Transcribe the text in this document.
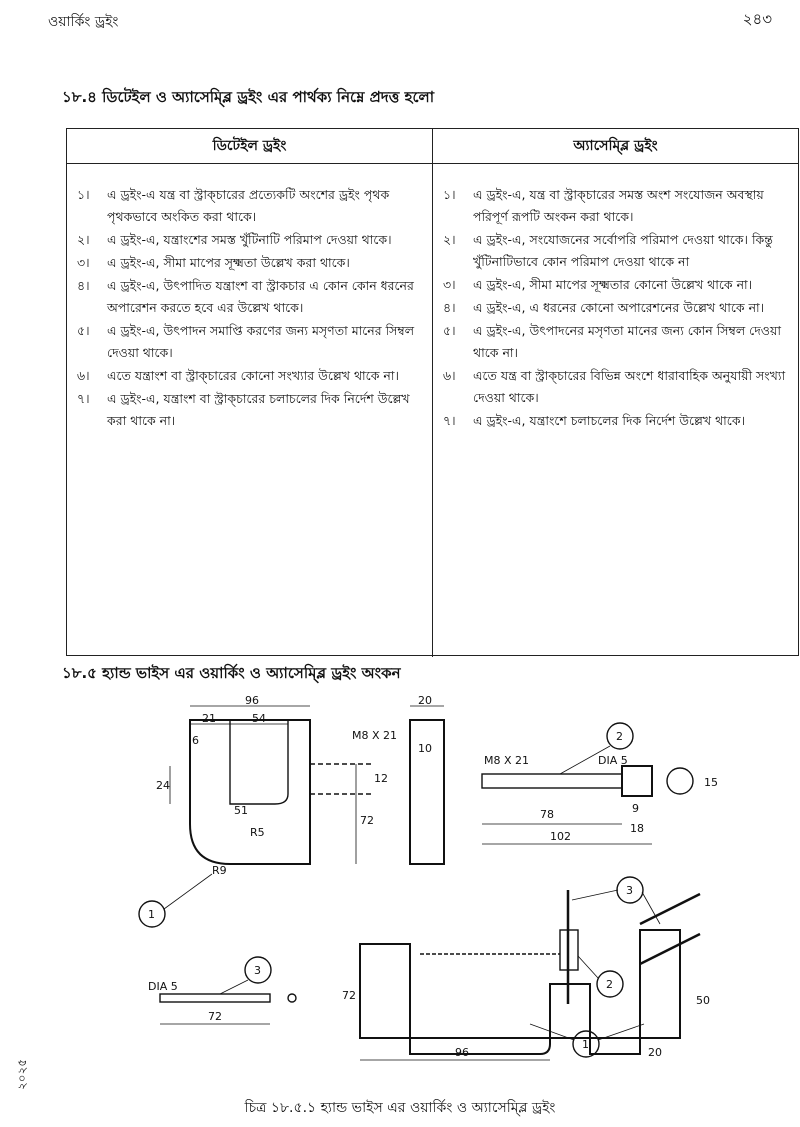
ওয়ার্কিং ড্রইং	২৪৩
১৮.৪ ডিটেইল ও অ্যাসেম্ব্লি ড্রইং এর পার্থক্য নিম্নে প্রদত্ত হলো
ডিটেইল ড্রইং	অ্যাসেম্ব্লি ড্রইং
১।	এ ড্রইং-এ যন্ত্র বা স্ট্রাক্চারের প্রত্যেকটি অংশের ড্রইং পৃথক পৃথকভাবে অংকিত করা থাকে।
২।	এ ড্রইং-এ, যন্ত্রাংশের সমস্ত খুঁটিনাটি পরিমাপ দেওয়া থাকে।
৩।	এ ড্রইং-এ, সীমা মাপের সূক্ষ্মতা উল্লেখ করা থাকে।
৪।	এ ড্রইং-এ, উৎপাদিত যন্ত্রাংশ বা স্ট্রাকচার এ কোন কোন ধরনের অপারেশন করতে হবে এর উল্লেখ থাকে।
৫।	এ ড্রইং-এ, উৎপাদন সমাপ্তি করণের জন্য মসৃণতা মানের সিম্বল দেওয়া থাকে।
৬।	এতে যন্ত্রাংশ বা স্ট্রাক্চারের কোনো সংখ্যার উল্লেখ থাকে না।
৭।	এ ড্রইং-এ, যন্ত্রাংশ বা স্ট্রাক্চারের চলাচলের দিক নির্দেশ উল্লেখ করা থাকে না।
১।	এ ড্রইং-এ, যন্ত্র বা স্ট্রাক্চারের সমস্ত অংশ সংযোজন অবস্থায় পরিপূর্ণ রূপটি অংকন করা থাকে।
২।	এ ড্রইং-এ, সংযোজনের সর্বোপরি পরিমাপ দেওয়া থাকে। কিন্তু খুঁটিনাটিভাবে কোন পরিমাপ দেওয়া থাকে না
৩।	এ ড্রইং-এ, সীমা মাপের সূক্ষ্মতার কোনো উল্লেখ থাকে না।
৪।	এ ড্রইং-এ, এ ধরনের কোনো অপারেশনের উল্লেখ থাকে না।
৫।	এ ড্রইং-এ, উৎপাদনের মসৃণতা মানের জন্য কোন সিম্বল দেওয়া থাকে না।
৬।	এতে যন্ত্র বা স্ট্রাক্চারের বিভিন্ন অংশে ধারাবাহিক অনুযায়ী সংখ্যা দেওয়া থাকে।
৭।	এ ড্রইং-এ, যন্ত্রাংশে চলাচলের দিক নির্দেশ উল্লেখ থাকে।
১৮.৫ হ্যান্ড ভাইস এর ওয়ার্কিং ও অ্যাসেম্ব্লি ড্রইং অংকন
96
21	54
6
24
51
R5
R9
72
20
M8 X 21
10
12
M8 X 21	DIA 5
78	9
18
102
15
DIA 5
72
96
72
20
50
1
2
3
3
2
1
চিত্র ১৮.৫.১ হ্যান্ড ভাইস এর ওয়ার্কিং ও অ্যাসেম্ব্লি ড্রইং
২০২৫
